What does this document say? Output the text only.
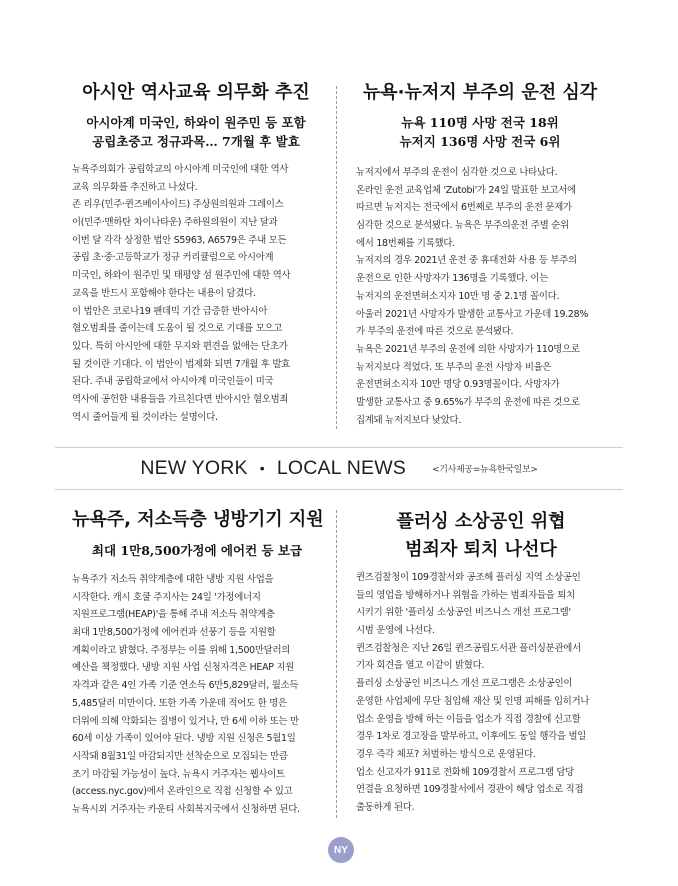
아시안 역사교육 의무화 추진

아시아계 미국인, 하와이 원주민 등 포함

공립초중고 정규과목… 7개월 후 발효

뉴욕주의회가 공립학교의 아시아계 미국인에 대한 역사
교육 의무화를 추진하고 나섰다.
존 리우(민주·퀸즈베이사이드) 주상원의원과 그레이스
이(민주·맨하탄 차이나타운) 주하원의원이 지난 달과
이번 달 각각 상정한 법안 S5963, A6579은 주내 모든
공립 초·중·고등학교가 정규 커리큘럼으로 아시아계
미국인, 하와이 원주민 및 태평양 섬 원주민에 대한 역사
교육을 반드시 포함해야 한다는 내용이 담겼다.
이 법안은 코로나19 팬데믹 기간 급증한 반아시아
혐오범죄를 줄이는데 도움이 될 것으로 기대를 모으고
있다. 특히 아시안에 대한 무지와 편견을 없애는 단초가
될 것이란 기대다. 이 법안이 법제화 되면 7개월 후 발효
된다. 주내 공립학교에서 아시아계 미국인들이 미국
역사에 공헌한 내용들을 가르친다면 반아시안 혐오범죄
역시 줄어들게 될 것이라는 설명이다.
뉴욕·뉴저지 부주의 운전 심각

뉴욕 110명 사망 전국 18위

뉴저지 136명 사망 전국 6위

뉴저지에서 부주의 운전이 심각한 것으로 나타났다.
온라인 운전 교육업체 'Zutobi'가 24일 발표한 보고서에
따르면 뉴저지는 전국에서 6번째로 부주의 운전 문제가
심각한 것으로 분석됐다. 뉴욕은 부주의운전 주별 순위
에서 18번째를 기록했다.
뉴저지의 경우 2021년 운전 중 휴대전화 사용 등 부주의
운전으로 인한 사망자가 136명을 기록했다. 이는
뉴저지의 운전면허소지자 10만 명 중 2.1명 꼴이다.
아울러 2021년 사망자가 발생한 교통사고 가운데 19.28%
가 부주의 운전에 따른 것으로 분석됐다.
뉴욕은 2021년 부주의 운전에 의한 사망자가 110명으로
뉴저지보다 적었다. 또 부주의 운전 사망자 비율은
운전면허소지자 10만 명당 0.93명꼴이다. 사망자가
발생한 교통사고 중 9.65%가 부주의 운전에 따른 것으로
집계돼 뉴저지보다 낮았다.
NEW YORK • LOCAL NEWS	<기사제공=뉴욕한국일보>
뉴욕주, 저소득층 냉방기기 지원

최대 1만8,500가정에 에어컨 등 보급

뉴욕주가 저소득 취약계층에 대한 냉방 지원 사업을
시작한다. 캐시 호쿨 주지사는 24일 '가정에너지
지원프로그램(HEAP)'을 통해 주내 저소득 취약계층
최대 1만8,500가정에 에어컨과 선풍기 등을 지원할
계획이라고 밝혔다. 주정부는 이를 위해 1,500만달러의
예산을 책정했다. 냉방 지원 사업 신청자격은 HEAP 지원
자격과 같은 4인 가족 기준 연소득 6만5,829달러, 월소득
5,485달러 미만이다. 또한 가족 가운데 적어도 한 명은
더위에 의해 악화되는 질병이 있거나, 만 6세 이하 또는 만
60세 이상 가족이 있어야 된다. 냉방 지원 신청은 5월1일
시작돼 8월31일 마감되지만 선착순으로 모집되는 만큼
조기 마감될 가능성이 높다. 뉴욕시 거주자는 웹사이트
(access.nyc.gov)에서 온라인으로 직접 신청할 수 있고
뉴욕시외 거주자는 카운티 사회복지국에서 신청하면 된다.
플러싱 소상공인 위협
범죄자 퇴치 나선다
퀸즈검찰청이 109경찰서와 공조해 플러싱 지역 소상공인
들의 영업을 방해하거나 위협을 가하는 범죄자들을 퇴치
시키기 위한 '플러싱 소상공인 비즈니스 개선 프로그램'
시범 운영에 나선다.
퀸즈검찰청은 지난 26일 퀸즈공립도서관 플러싱분관에서
기자 회견을 열고 이같이 밝혔다.
플러싱 소상공인 비즈니스 개선 프로그램은 소상공인이
운영한 사업체에 무단 침입해 재산 및 인명 피해를 입히거나
업소 운영을 방해 하는 이들을 업소가 직접 경찰에 신고할
경우 1차로 경고장을 발부하고, 이후에도 동일 행각을 벌일
경우 즉각 체포? 처벌하는 방식으로 운영된다.
업소 신고자가 911로 전화해 109경찰서 프로그램 담당
연결을 요청하면 109경찰서에서 경관이 해당 업소로 직접
출동하게 된다.
NY
